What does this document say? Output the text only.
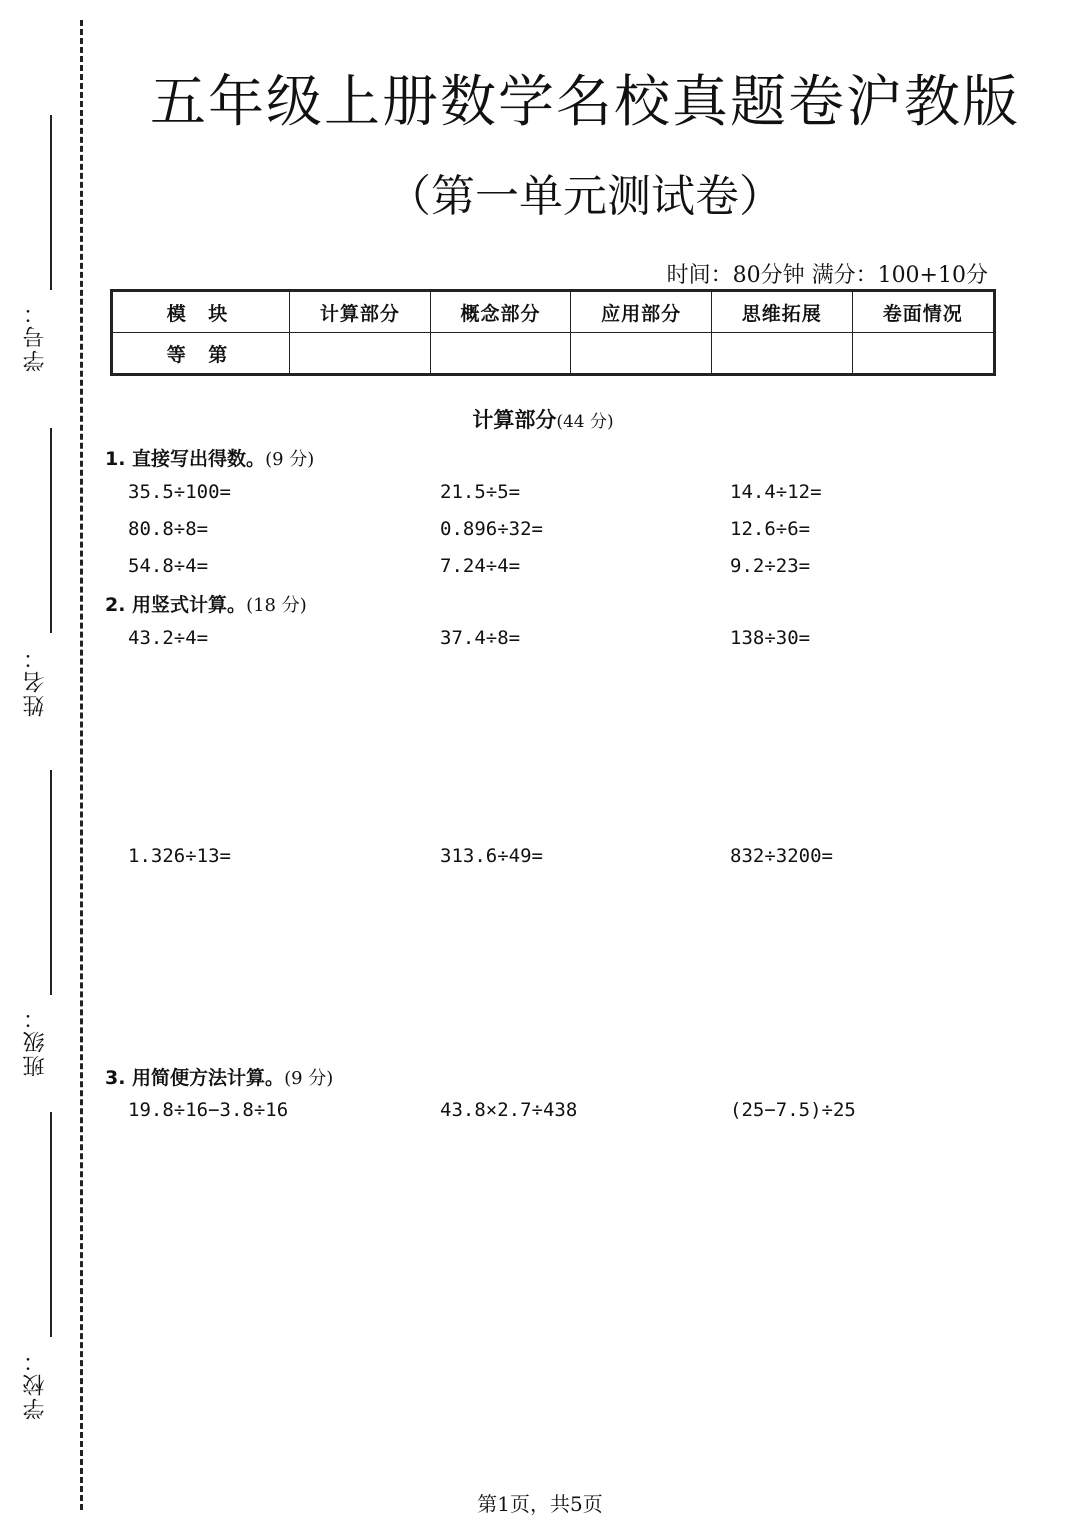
学号：
姓名：
班级：
学校：
五年级上册数学名校真题卷沪教版
（第一单元测试卷）
时间：80分钟 满分：100+10分
模 块	计算部分	概念部分	应用部分	思维拓展	卷面情况
等 第					
计算部分(44 分)
1. 直接写出得数。(9 分)
35.5÷100=	21.5÷5=	14.4÷12=
80.8÷8=	0.896÷32=	12.6÷6=
54.8÷4=	7.24÷4=	9.2÷23=
2. 用竖式计算。(18 分)
43.2÷4=	37.4÷8=	138÷30=
1.326÷13=	313.6÷49=	832÷3200=
3. 用简便方法计算。(9 分)
19.8÷16−3.8÷16	43.8×2.7÷438	(25−7.5)÷25
第1页，共5页
